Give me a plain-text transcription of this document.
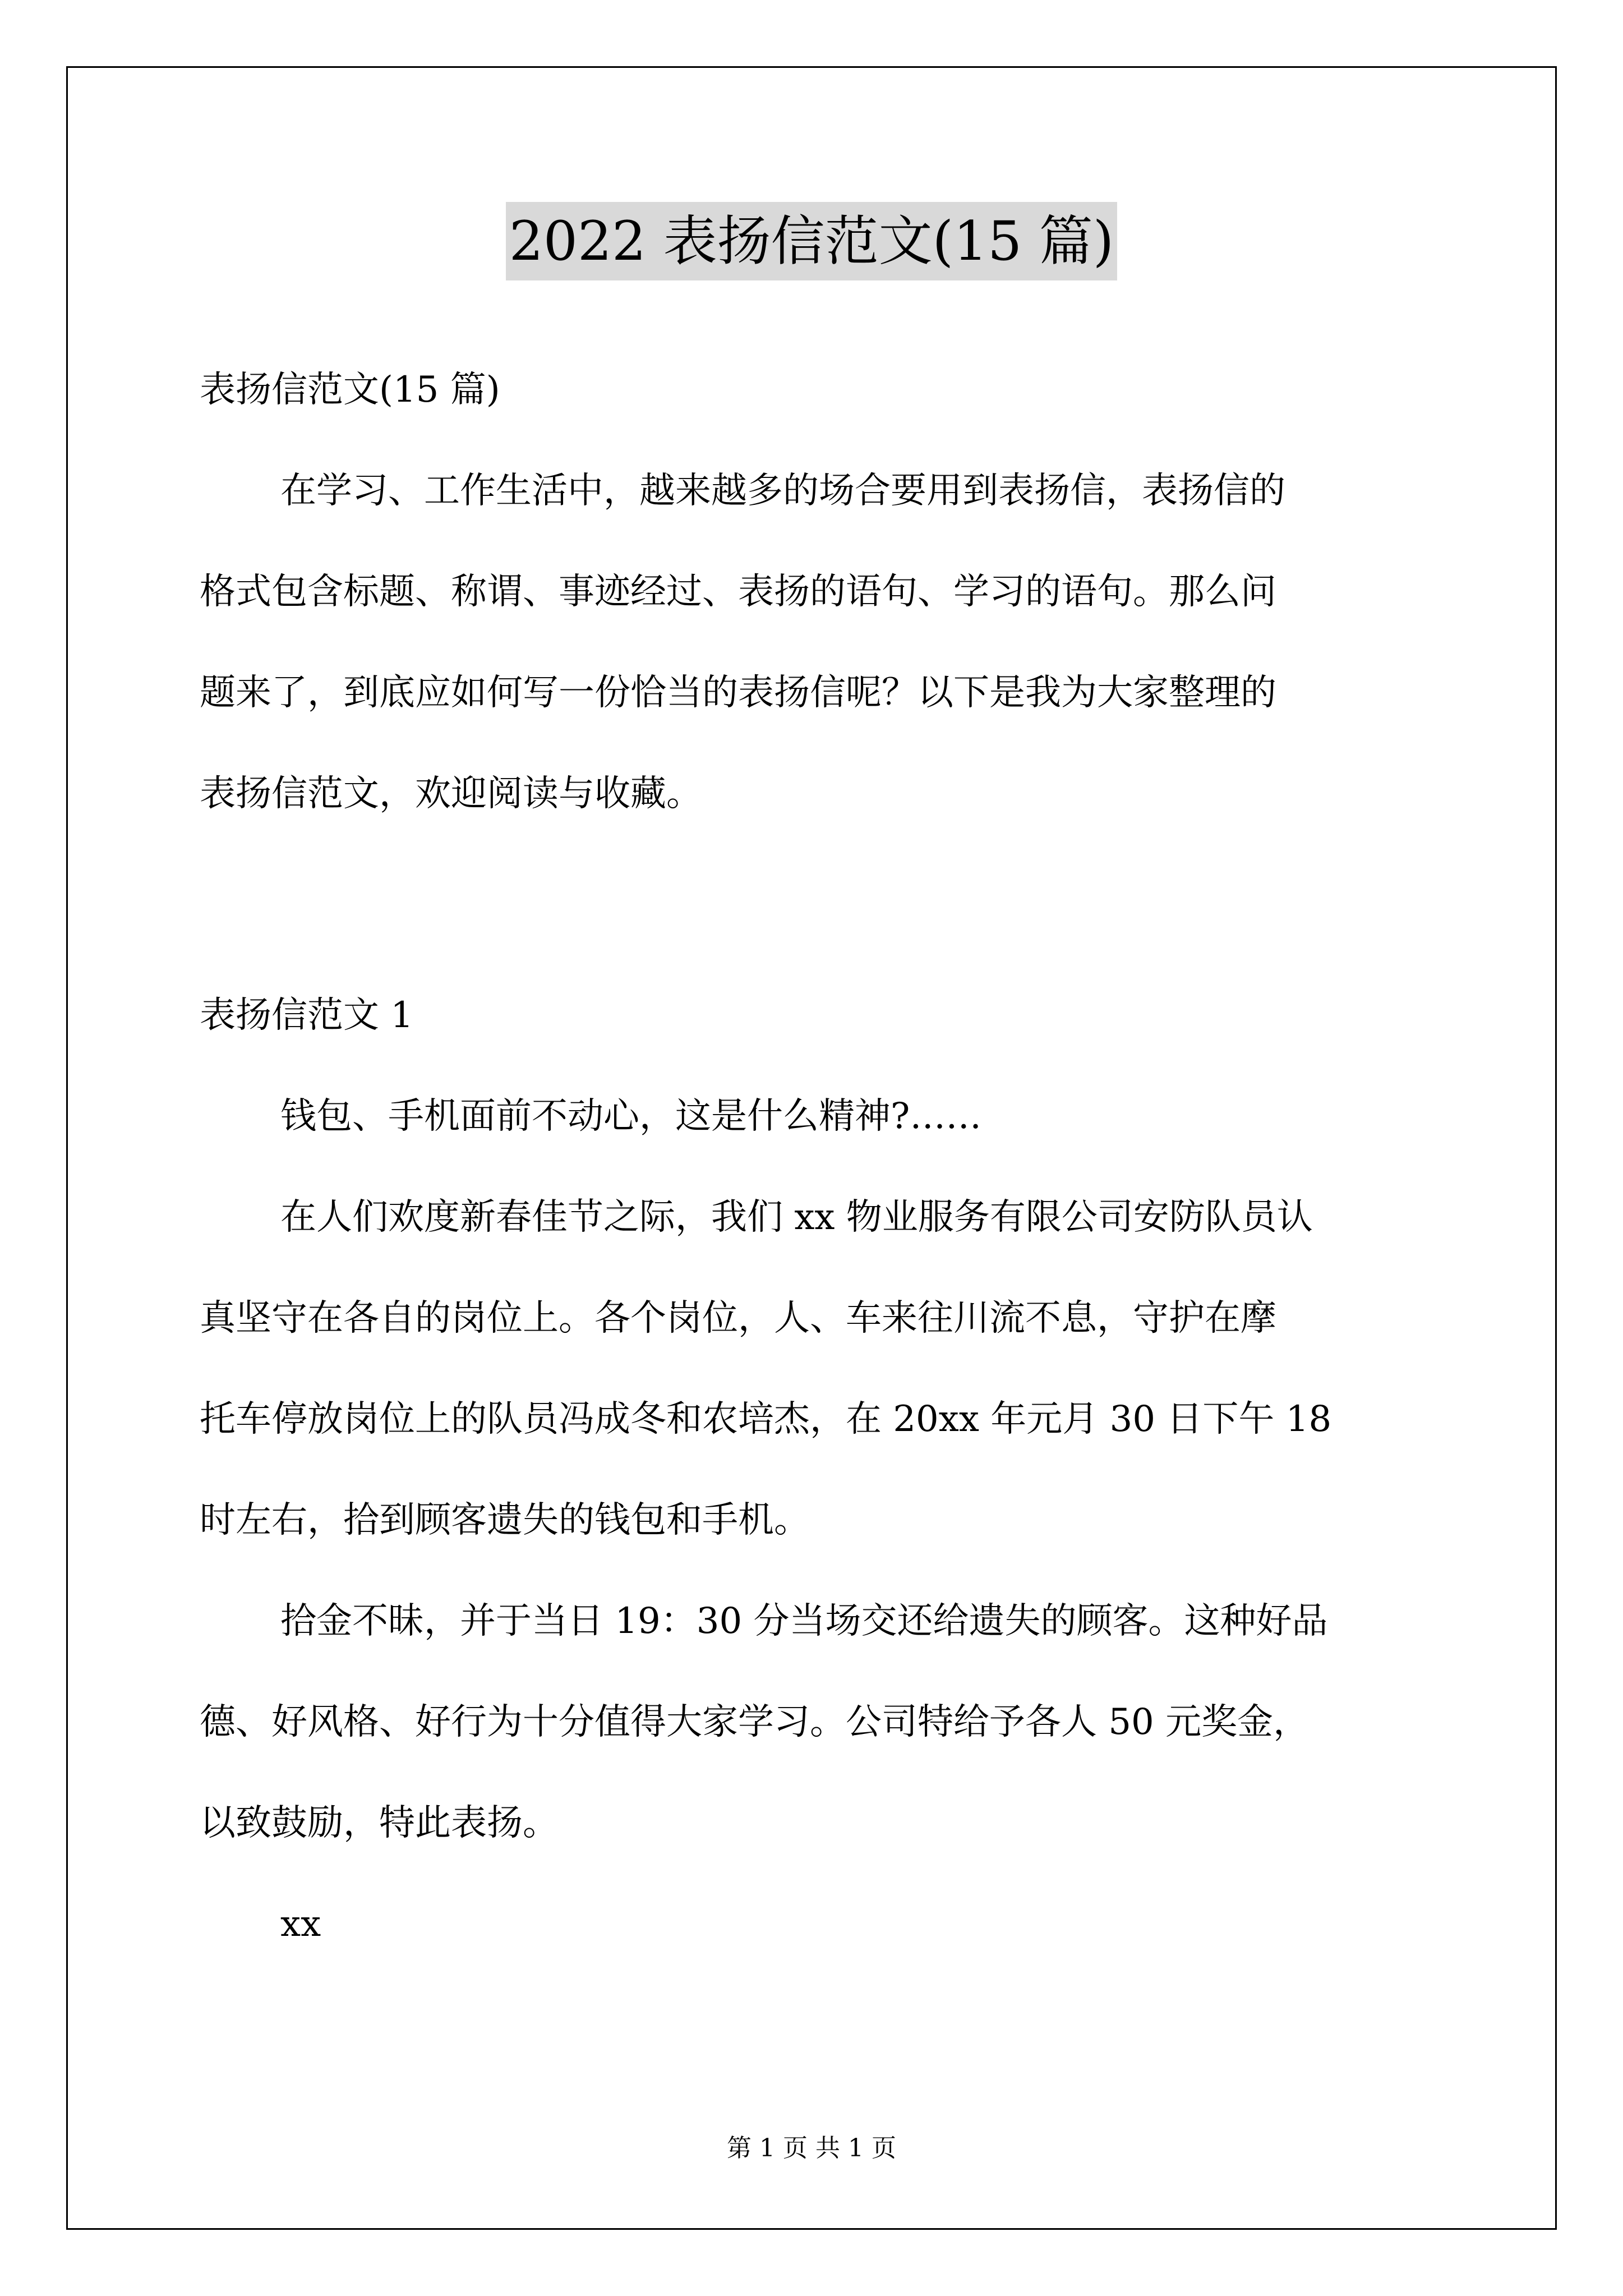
2022 表扬信范文(15 篇)

表扬信范文(15 篇)

在学习、工作生活中，越来越多的场合要用到表扬信，表扬信的

格式包含标题、称谓、事迹经过、表扬的语句、学习的语句。那么问

题来了，到底应如何写一份恰当的表扬信呢？以下是我为大家整理的

表扬信范文，欢迎阅读与收藏。

表扬信范文 1

钱包、手机面前不动心，这是什么精神?……

在人们欢度新春佳节之际，我们 xx 物业服务有限公司安防队员认

真坚守在各自的岗位上。各个岗位，人、车来往川流不息，守护在摩

托车停放岗位上的队员冯成冬和农培杰，在 20xx 年元月 30 日下午 18

时左右，拾到顾客遗失的钱包和手机。

拾金不昧，并于当日 19：30 分当场交还给遗失的顾客。这种好品

德、好风格、好行为十分值得大家学习。公司特给予各人 50 元奖金，

以致鼓励，特此表扬。

xx

第 1 页 共 1 页
